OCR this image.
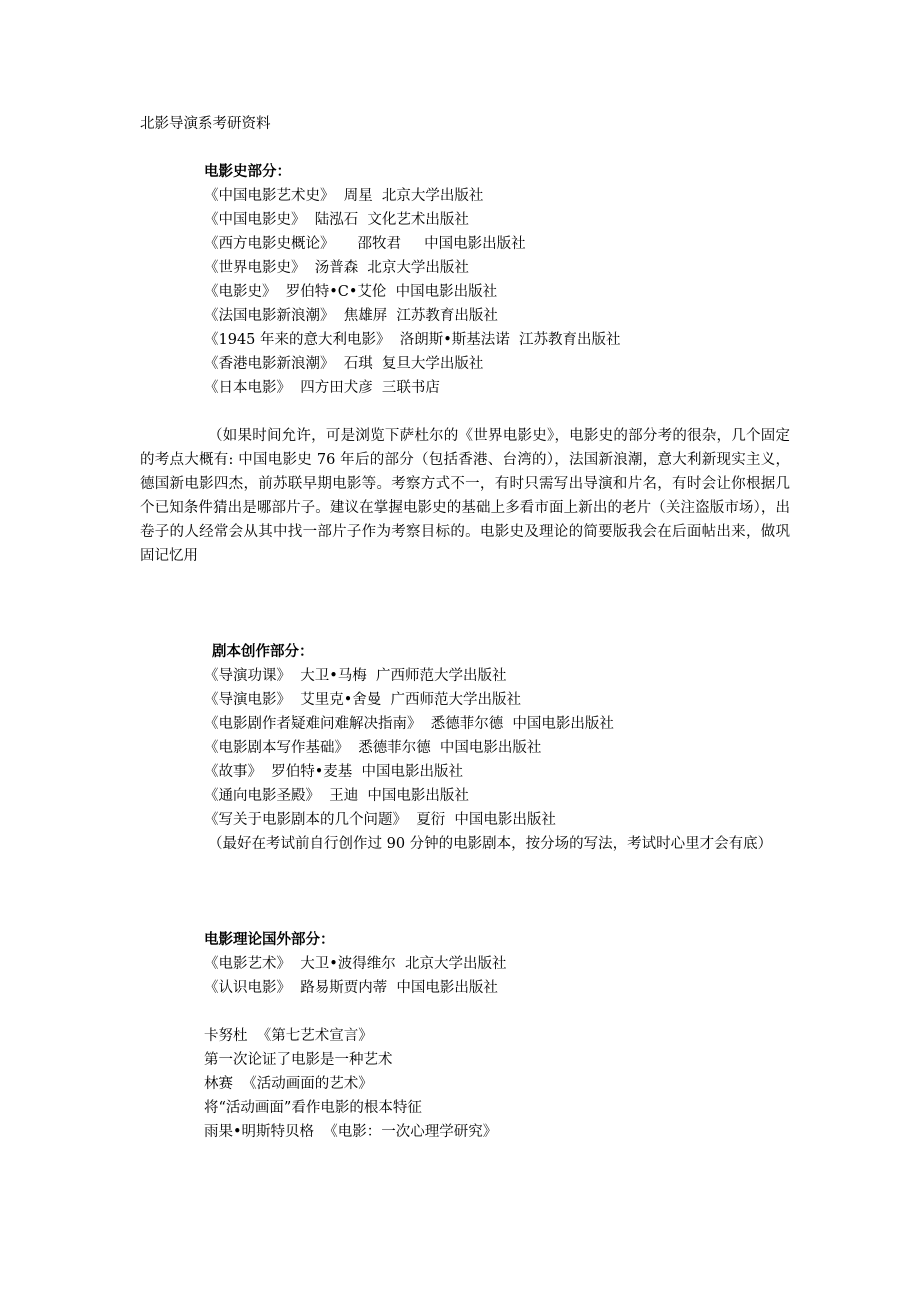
北影导演系考研资料
电影史部分：
《中国电影艺术史》  周星  北京大学出版社
《中国电影史》  陆泓石  文化艺术出版社
《西方电影史概论》     邵牧君     中国电影出版社
《世界电影史》  汤普森  北京大学出版社
《电影史》  罗伯特•C•艾伦  中国电影出版社
《法国电影新浪潮》  焦雄屏  江苏教育出版社
《1945 年来的意大利电影》  洛朗斯•斯基法诺  江苏教育出版社
《香港电影新浪潮》  石琪  复旦大学出版社
《日本电影》  四方田犬彦  三联书店
（如果时间允许，可是浏览下萨杜尔的《世界电影史》，电影史的部分考的很杂，几个固定的考点大概有: 中国电影史 76 年后的部分（包括香港、台湾的），法国新浪潮，意大利新现实主义，德国新电影四杰，前苏联早期电影等。考察方式不一，有时只需写出导演和片名，有时会让你根据几个已知条件猜出是哪部片子。建议在掌握电影史的基础上多看市面上新出的老片（关注盗版市场），出卷子的人经常会从其中找一部片子作为考察目标的。电影史及理论的简要版我会在后面帖出来，做巩固记忆用
剧本创作部分：
《导演功课》  大卫•马梅  广西师范大学出版社
《导演电影》  艾里克•舍曼  广西师范大学出版社
《电影剧作者疑难问难解决指南》  悉德菲尔德  中国电影出版社
《电影剧本写作基础》  悉德菲尔德  中国电影出版社
《故事》  罗伯特•麦基  中国电影出版社
《通向电影圣殿》  王迪  中国电影出版社
《写关于电影剧本的几个问题》  夏衍  中国电影出版社
（最好在考试前自行创作过 90 分钟的电影剧本，按分场的写法，考试时心里才会有底）
电影理论国外部分：
《电影艺术》  大卫•波得维尔  北京大学出版社
《认识电影》  路易斯贾内蒂  中国电影出版社
卡努杜  《第七艺术宣言》
第一次论证了电影是一种艺术
林赛  《活动画面的艺术》
将“活动画面”看作电影的根本特征
雨果•明斯特贝格  《电影：一次心理学研究》
